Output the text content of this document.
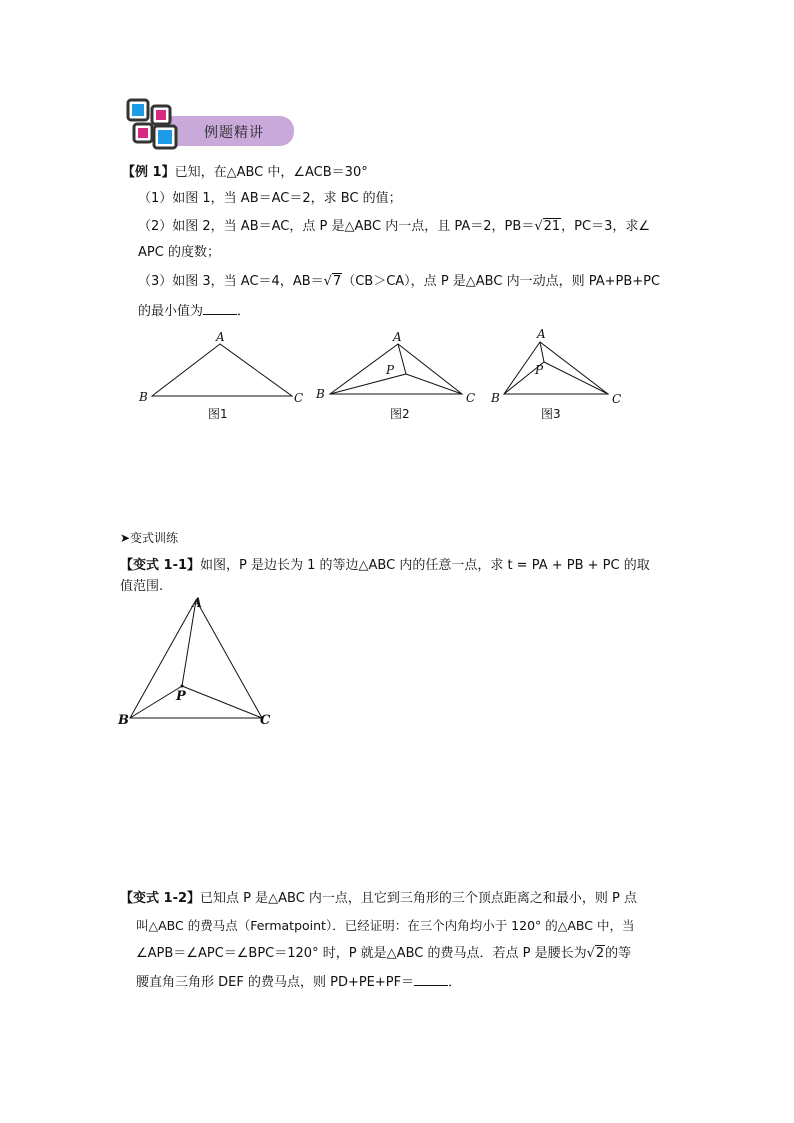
例题精讲
【例 1】已知，在△ABC 中，∠ACB＝30°
（1）如图 1，当 AB＝AC＝2，求 BC 的值；
（2）如图 2，当 AB＝AC，点 P 是△ABC 内一点，且 PA＝2，PB＝√21，PC＝3，求∠
APC 的度数；
（3）如图 3，当 AC＝4，AB＝√7（CB＞CA），点 P 是△ABC 内一动点，则 PA+PB+PC
的最小值为	．
A
B	C
图1
A
B	C
P
图2
A
B	C
P
图3
➤变式训练
【变式 1-1】如图，P 是边长为 1 的等边△ABC 内的任意一点，求 t = PA + PB + PC 的取
值范围.
A
B	C
P
【变式 1-2】已知点 P 是△ABC 内一点，且它到三角形的三个顶点距离之和最小，则 P 点
叫△ABC 的费马点（Fermatpoint）．已经证明：在三个内角均小于 120° 的△ABC 中，当
∠APB＝∠APC＝∠BPC＝120° 时，P 就是△ABC 的费马点．若点 P 是腰长为√2的等
腰直角三角形 DEF 的费马点，则 PD+PE+PF＝	．
